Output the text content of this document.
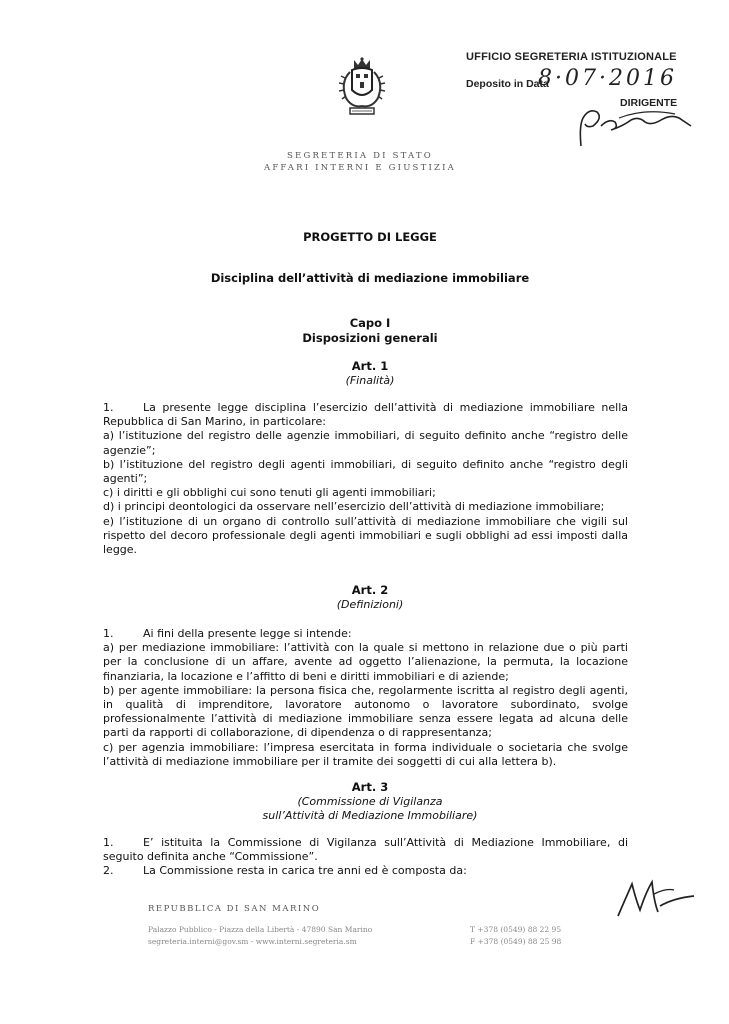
SEGRETERIA DI STATO
AFFARI INTERNI E GIUSTIZIA
UFFICIO SEGRETERIA ISTITUZIONALE
Deposito in Data
8·07·2016
DIRIGENTE
PROGETTO DI LEGGE
Disciplina dell’attività di mediazione immobiliare
Capo I
Disposizioni generali
Art. 1
(Finalità)

1.	La presente legge disciplina l’esercizio dell’attività di mediazione immobiliare nella Repubblica di San Marino, in particolare:

a) l’istituzione del registro delle agenzie immobiliari, di seguito definito anche “registro delle agenzie”;

b) l’istituzione del registro degli agenti immobiliari, di seguito definito anche “registro degli agenti”;

c) i diritti e gli obblighi cui sono tenuti gli agenti immobiliari;

d) i principi deontologici da osservare nell’esercizio dell’attività di mediazione immobiliare;

e) l’istituzione di un organo di controllo sull’attività di mediazione immobiliare che vigili sul rispetto del decoro professionale degli agenti immobiliari e sugli obblighi ad essi imposti dalla legge.

Art. 2
(Definizioni)

1.	Ai fini della presente legge si intende:

a) per mediazione immobiliare: l’attività con la quale si mettono in relazione due o più parti per la conclusione di un affare, avente ad oggetto l’alienazione, la permuta, la locazione finanziaria, la locazione e l’affitto di beni e diritti immobiliari e di aziende;

b) per agente immobiliare: la persona fisica che, regolarmente iscritta al registro degli agenti, in qualità di imprenditore, lavoratore autonomo o lavoratore subordinato, svolge professionalmente l’attività di mediazione immobiliare senza essere legata ad alcuna delle parti da rapporti di collaborazione, di dipendenza o di rappresentanza;

c) per agenzia immobiliare: l’impresa esercitata in forma individuale o societaria che svolge l’attività di mediazione immobiliare per il tramite dei soggetti di cui alla lettera b).

Art. 3
(Commissione di Vigilanza
sull’Attività di Mediazione Immobiliare)

1.	E’ istituita la Commissione di Vigilanza sull’Attività di Mediazione Immobiliare, di seguito definita anche “Commissione”.

2.	La Commissione resta in carica tre anni ed è composta da:

REPUBBLICA DI SAN MARINO
Palazzo Pubblico - Piazza della Libertà - 47890 San Marino
segreteria.interni@gov.sm - www.interni.segreteria.sm
T +378 (0549) 88 22 95
F +378 (0549) 88 25 98
